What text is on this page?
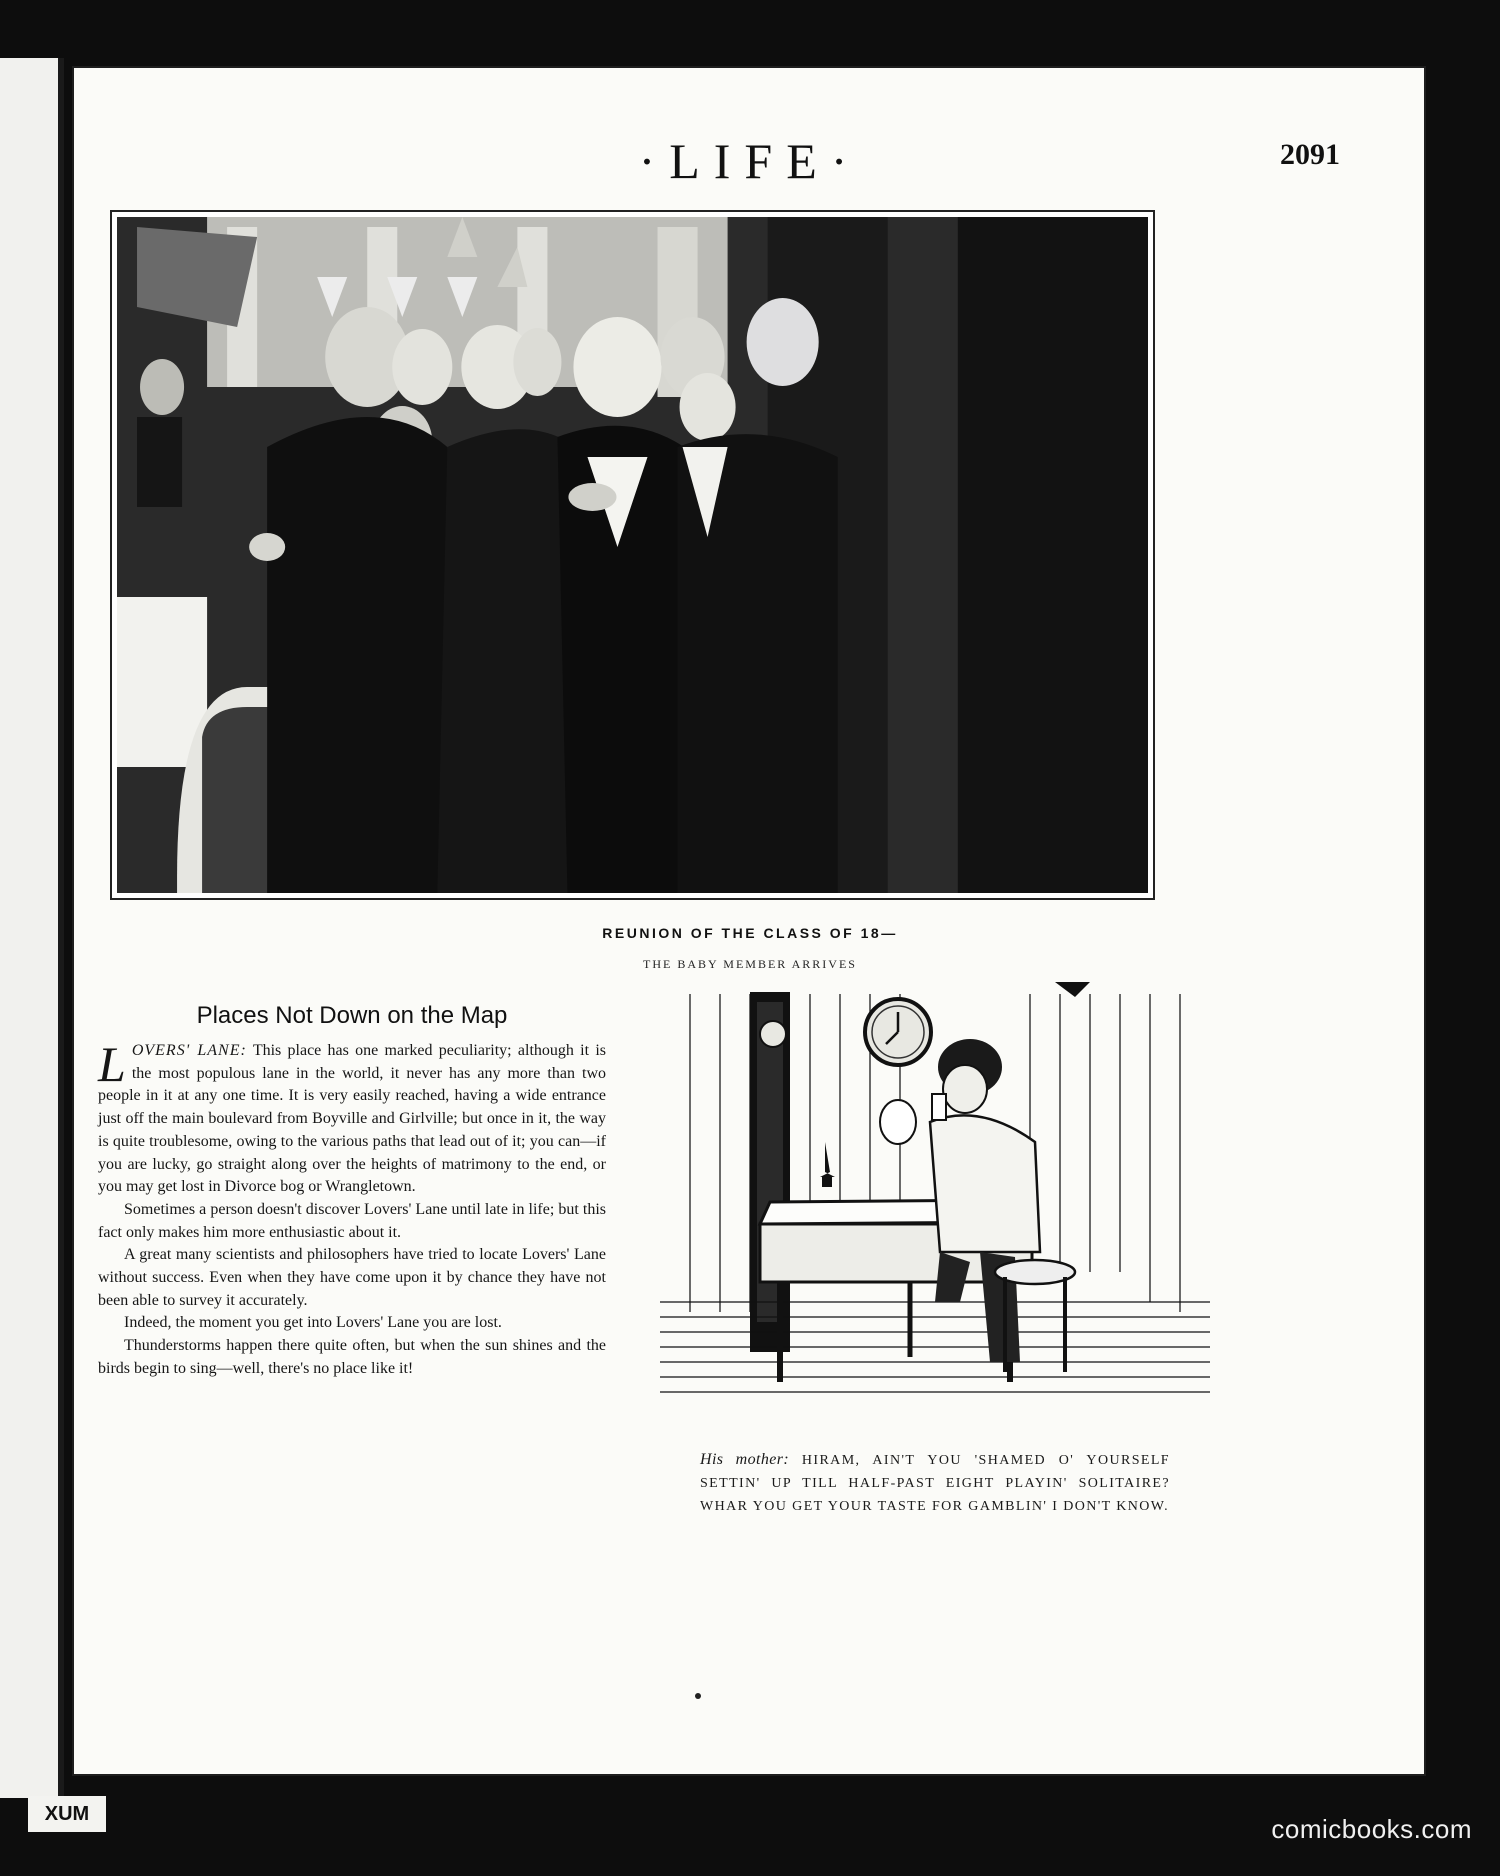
·LIFE·	2091
REUNION OF THE CLASS OF 18—
THE BABY MEMBER ARRIVES
Places Not Down on the Map

LOVERS' LANE: This place has one marked peculiarity; although it is the most populous lane in the world, it never has any more than two people in it at any one time. It is very easily reached, having a wide entrance just off the main boulevard from Boyville and Girlville; but once in it, the way is quite troublesome, owing to the various paths that lead out of it; you can—if you are lucky, go straight along over the heights of matrimony to the end, or you may get lost in Divorce bog or Wrangletown.

Sometimes a person doesn't discover Lovers' Lane until late in life; but this fact only makes him more enthusiastic about it.

A great many scientists and philosophers have tried to locate Lovers' Lane without success. Even when they have come upon it by chance they have not been able to survey it accurately.

Indeed, the moment you get into Lovers' Lane you are lost.

Thunderstorms happen there quite often, but when the sun shines and the birds begin to sing—well, there's no place like it!

His mother: HIRAM, AIN'T YOU 'SHAMED O' YOURSELF SETTIN' UP TILL HALF-PAST EIGHT PLAYIN' SOLITAIRE? WHAR YOU GET YOUR TASTE FOR GAMBLIN' I DON'T KNOW.
XUM	comicbooks.com
